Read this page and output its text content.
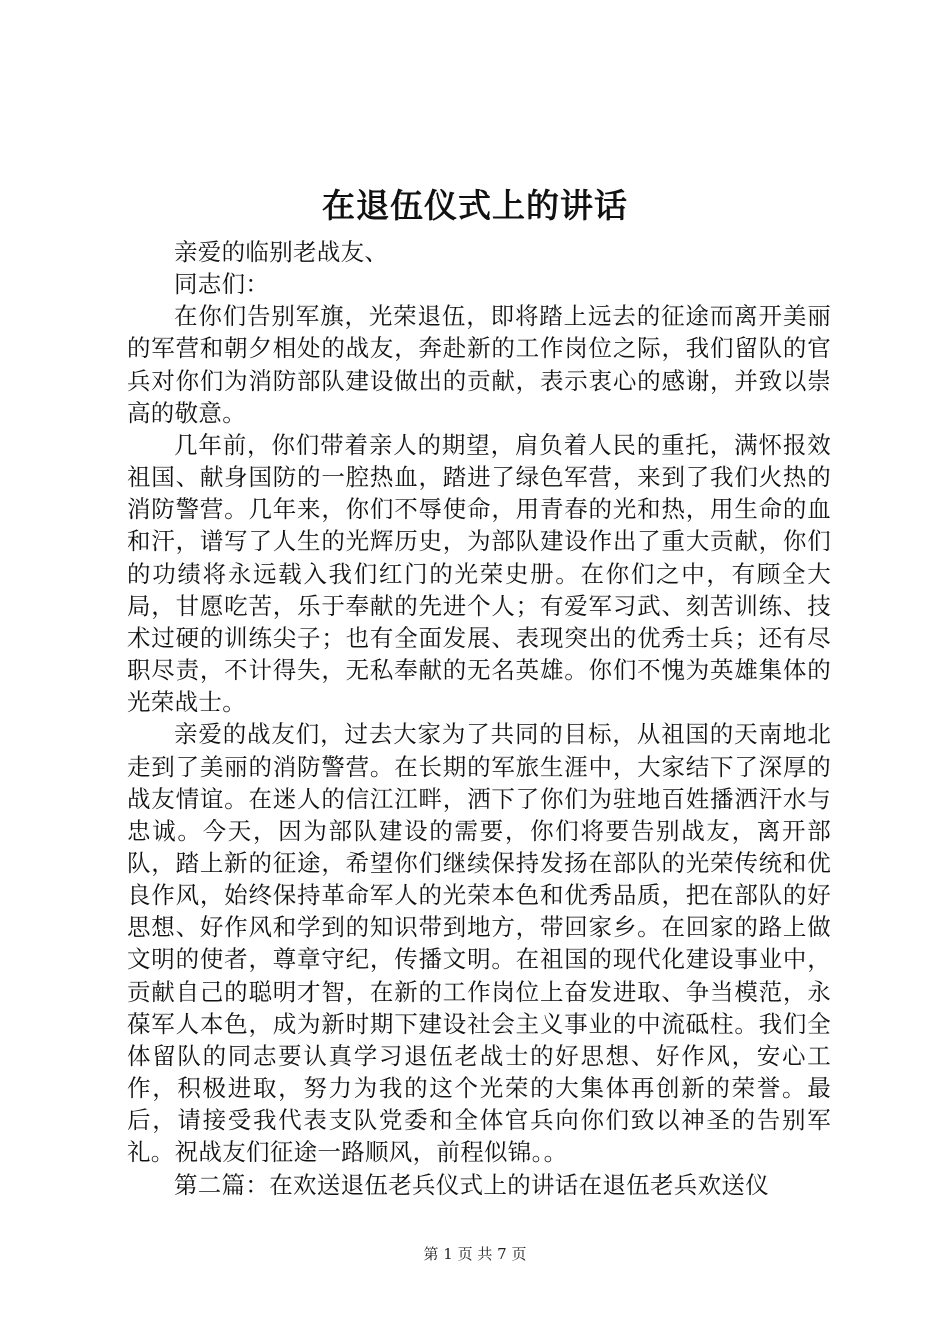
在退伍仪式上的讲话

亲爱的临别老战友、

同志们：

在你们告别军旗，光荣退伍，即将踏上远去的征途而离开美丽的军营和朝夕相处的战友，奔赴新的工作岗位之际，我们留队的官兵对你们为消防部队建设做出的贡献，表示衷心的感谢，并致以崇高的敬意。

几年前，你们带着亲人的期望，肩负着人民的重托，满怀报效祖国、献身国防的一腔热血，踏进了绿色军营，来到了我们火热的消防警营。几年来，你们不辱使命，用青春的光和热，用生命的血和汗，谱写了人生的光辉历史，为部队建设作出了重大贡献，你们的功绩将永远载入我们红门的光荣史册。在你们之中，有顾全大局，甘愿吃苦，乐于奉献的先进个人；有爱军习武、刻苦训练、技术过硬的训练尖子；也有全面发展、表现突出的优秀士兵；还有尽职尽责，不计得失，无私奉献的无名英雄。你们不愧为英雄集体的光荣战士。

亲爱的战友们，过去大家为了共同的目标，从祖国的天南地北走到了美丽的消防警营。在长期的军旅生涯中，大家结下了深厚的战友情谊。在迷人的信江江畔，洒下了你们为驻地百姓播洒汗水与忠诚。今天，因为部队建设的需要，你们将要告别战友，离开部队，踏上新的征途，希望你们继续保持发扬在部队的光荣传统和优良作风，始终保持革命军人的光荣本色和优秀品质，把在部队的好思想、好作风和学到的知识带到地方，带回家乡。在回家的路上做文明的使者，尊章守纪，传播文明。在祖国的现代化建设事业中，贡献自己的聪明才智，在新的工作岗位上奋发进取、争当模范，永葆军人本色，成为新时期下建设社会主义事业的中流砥柱。我们全体留队的同志要认真学习退伍老战士的好思想、好作风，安心工作，积极进取，努力为我的这个光荣的大集体再创新的荣誉。最后，请接受我代表支队党委和全体官兵向你们致以神圣的告别军礼。祝战友们征途一路顺风，前程似锦。。

第二篇：在欢送退伍老兵仪式上的讲话在退伍老兵欢送仪

第 1 页 共 7 页
